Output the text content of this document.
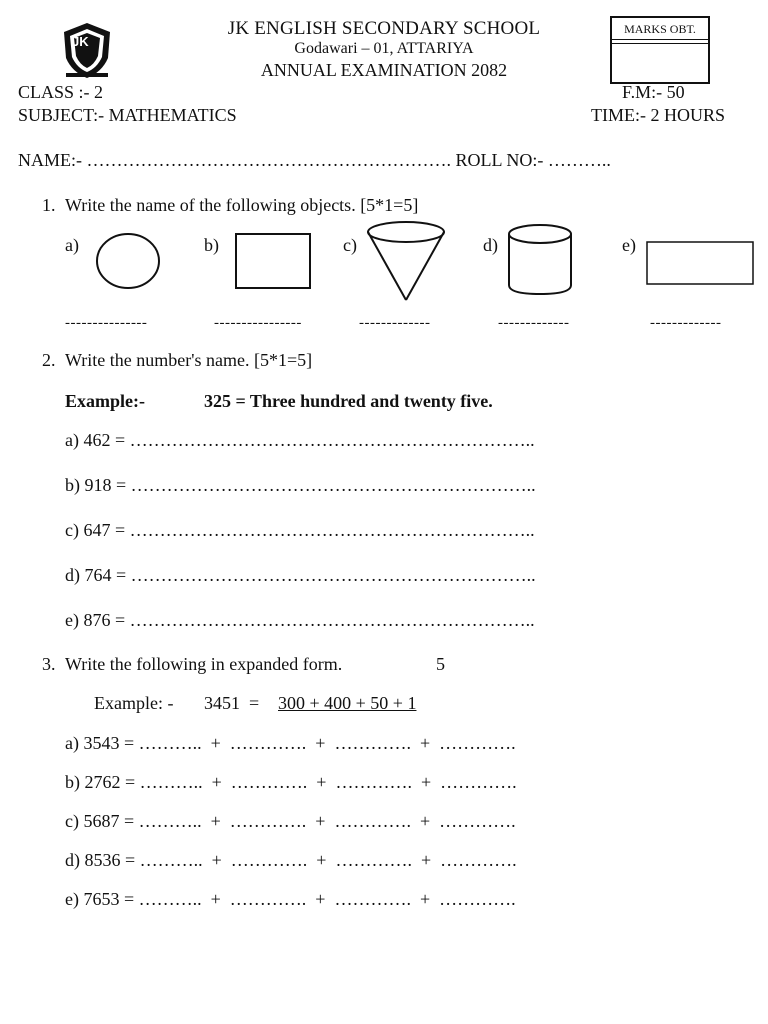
JK
JK ENGLISH SECONDARY SCHOOL
Godawari – 01, ATTARIYA
ANNUAL EXAMINATION 2082
MARKS OBT.
CLASS :- 2	F.M:- 50
SUBJECT:- MATHEMATICS	TIME:- 2 HOURS
NAME:- ……………………………………………………. ROLL NO:- ………..
1. Write the name of the following objects. [5*1=5]
a)	b)	c)	d)	e)
---------------	----------------	-------------	-------------	-------------
2. Write the number's name. [5*1=5]
Example:-	325 = Three hundred and twenty five.
a) 462 = …………………………………………………………..
b) 918 = …………………………………………………………..
c) 647 = …………………………………………………………..
d) 764 = …………………………………………………………..
e) 876 = …………………………………………………………..
3. Write the following in expanded form.	5
Example: - 3451  = 300 + 400 + 50 + 1
a) 3543 = ………..  +  ………….  +  ………….  +  ………….
b) 2762 = ………..  +  ………….  +  ………….  +  ………….
c) 5687 = ………..  +  ………….  +  ………….  +  ………….
d) 8536 = ………..  +  ………….  +  ………….  +  ………….
e) 7653 = ………..  +  ………….  +  ………….  +  ………….
